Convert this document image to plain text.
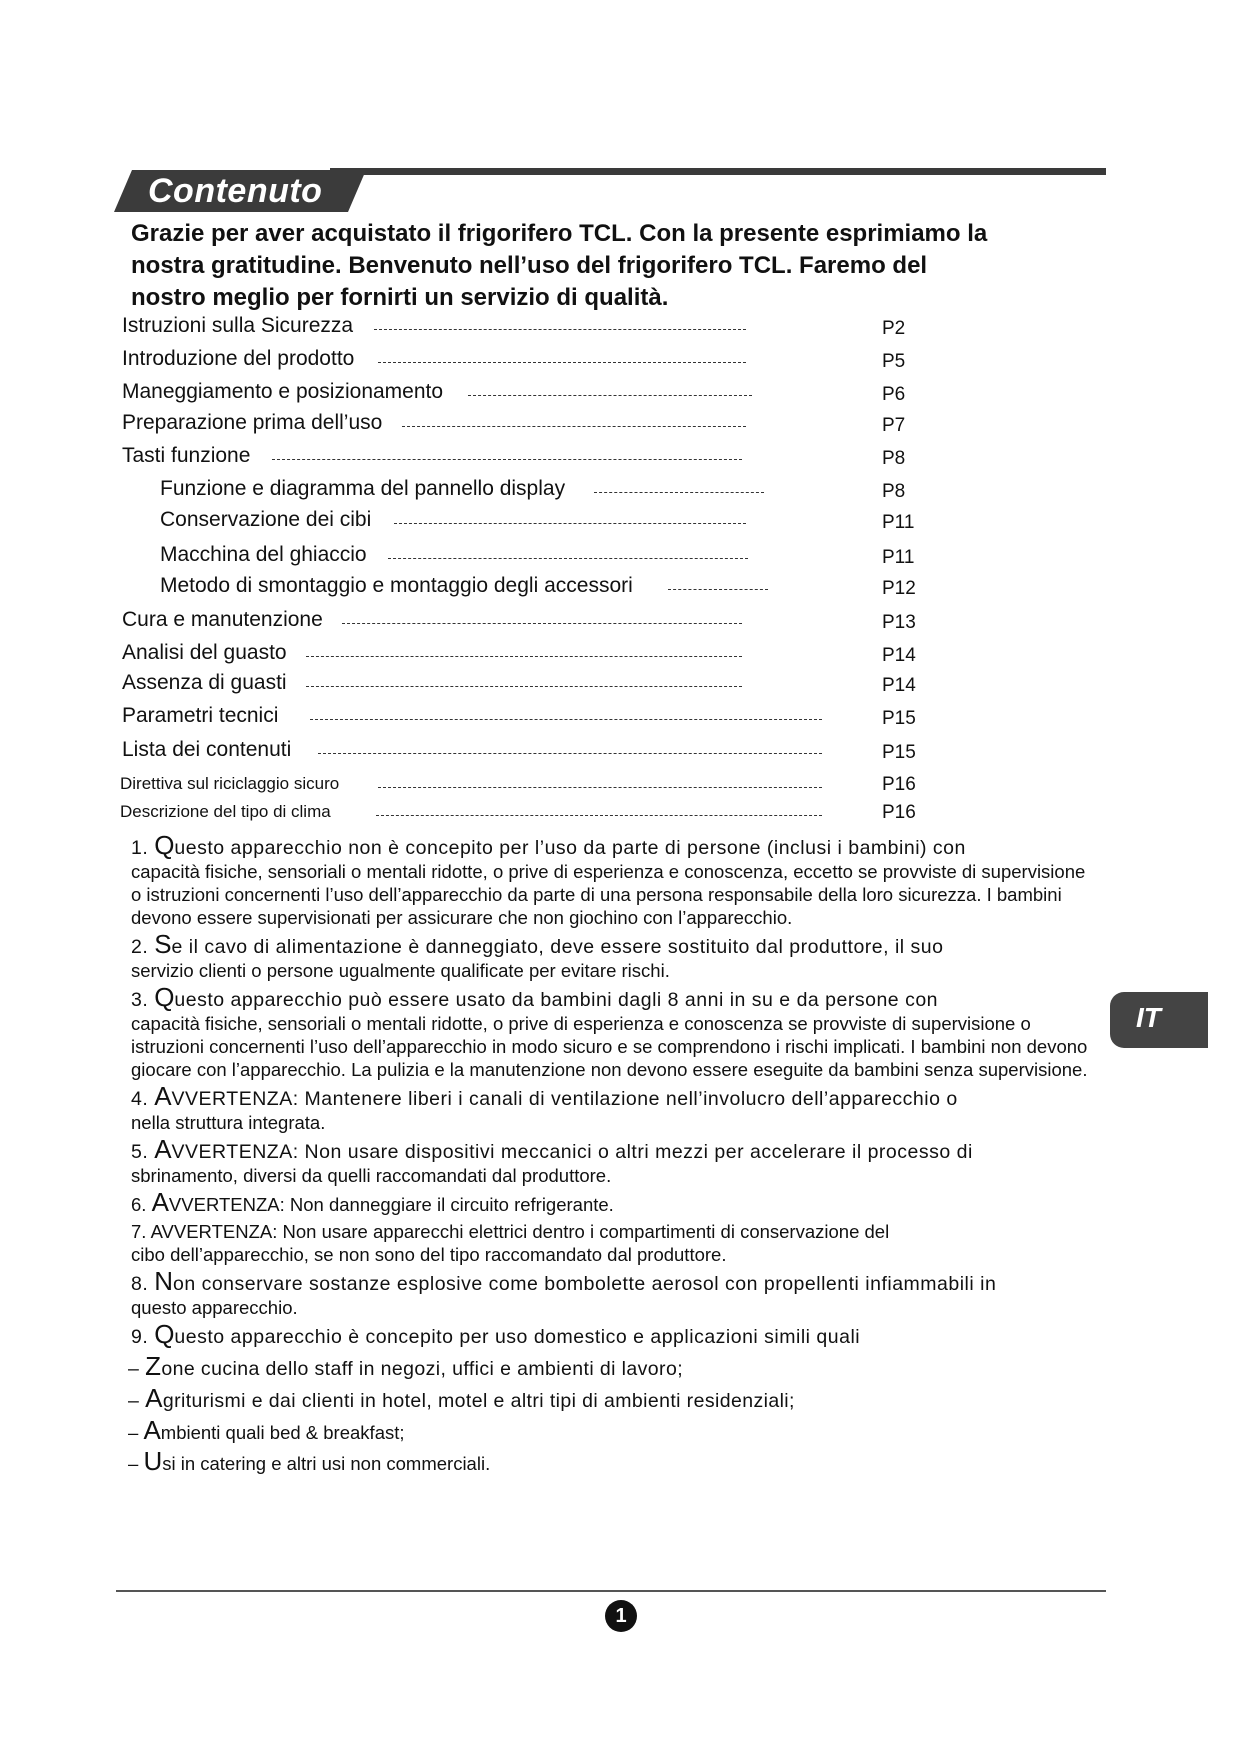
Contenuto

Grazie per aver acquistato il frigorifero TCL. Con la presente esprimiamo la

nostra gratitudine. Benvenuto nell’uso del frigorifero TCL. Faremo del

nostro meglio per fornirti un servizio di qualità.

Istruzioni sulla Sicurezza	P2
Introduzione del prodotto	P5
Maneggiamento e posizionamento	P6
Preparazione prima dell’uso	P7
Tasti funzione	P8
Funzione e diagramma del pannello display	P8
Conservazione dei cibi	P11
Macchina del ghiaccio	P11
Metodo di smontaggio e montaggio degli accessori	P12
Cura e manutenzione	P13
Analisi del guasto	P14
Assenza di guasti	P14
Parametri tecnici	P15
Lista dei contenuti	P15
Direttiva sul riciclaggio sicuro	P16
Descrizione del tipo di clima	P16
1. Questo apparecchio non è concepito per l’uso da parte di persone (inclusi i bambini) con
capacità fisiche, sensoriali o mentali ridotte, o prive di esperienza e conoscenza, eccetto se provviste di supervisione o istruzioni concernenti l’uso dell’apparecchio da parte di una persona responsabile della loro sicurezza. I bambini devono essere supervisionati per assicurare che non giochino con l’apparecchio.
2. Se il cavo di alimentazione è danneggiato, deve essere sostituito dal produttore, il suo
servizio clienti o persone ugualmente qualificate per evitare rischi.
3. Questo apparecchio può essere usato da bambini dagli 8 anni in su e da persone con
capacità fisiche, sensoriali o mentali ridotte, o prive di esperienza e conoscenza se provviste di supervisione o istruzioni concernenti l’uso dell’apparecchio in modo sicuro e se comprendono i rischi implicati. I bambini non devono giocare con l’apparecchio. La pulizia e la manutenzione non devono essere eseguite da bambini senza supervisione.
4. AVVERTENZA: Mantenere liberi i canali di ventilazione nell’involucro dell’apparecchio o
nella struttura integrata.
5. AVVERTENZA: Non usare dispositivi meccanici o altri mezzi per accelerare il processo di
sbrinamento, diversi da quelli raccomandati dal produttore.
6. AVVERTENZA: Non danneggiare il circuito refrigerante.
7. AVVERTENZA: Non usare apparecchi elettrici dentro i compartimenti di conservazione del
cibo dell’apparecchio, se non sono del tipo raccomandato dal produttore.
8. Non conservare sostanze esplosive come bombolette aerosol con propellenti infiammabili in
questo apparecchio.
9. Questo apparecchio è concepito per uso domestico e applicazioni simili quali
– Zone cucina dello staff in negozi, uffici e ambienti di lavoro;
– Agriturismi e dai clienti in hotel, motel e altri tipi di ambienti residenziali;
– Ambienti quali bed & breakfast;
– Usi in catering e altri usi non commerciali.
IT
1
